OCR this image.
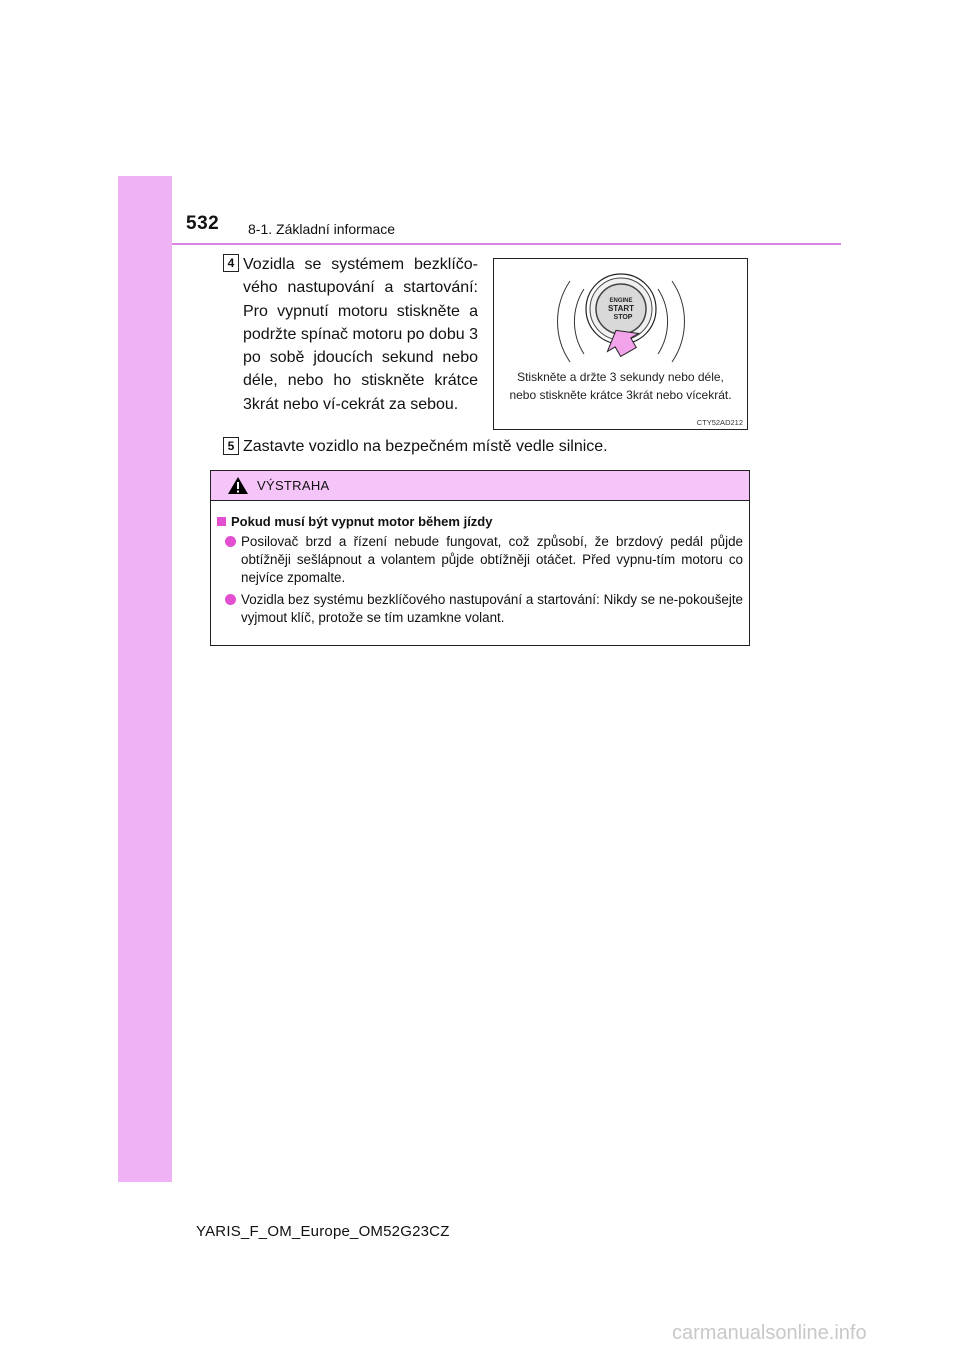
532 8-1. Základní informace
4 Vozidla se systémem bezklíčo-vého nastupování a startování: Pro vypnutí motoru stiskněte a podržte spínač motoru po dobu 3 po sobě jdoucích sekund nebo déle, nebo ho stiskněte krátce 3krát nebo ví-cekrát za sebou.
ENGINE
START
STOP
Stiskněte a držte 3 sekundy nebo déle,
nebo stiskněte krátce 3krát nebo vícekrát.
CTY52AD212
5 Zastavte vozidlo na bezpečném místě vedle silnice.
VÝSTRAHA
Pokud musí být vypnut motor během jízdy
Posilovač brzd a řízení nebude fungovat, což způsobí, že brzdový pedál půjde obtížněji sešlápnout a volantem půjde obtížněji otáčet. Před vypnu-tím motoru co nejvíce zpomalte.
Vozidla bez systému bezklíčového nastupování a startování: Nikdy se ne-pokoušejte vyjmout klíč, protože se tím uzamkne volant.
YARIS_F_OM_Europe_OM52G23CZ
carmanualsonline.info
